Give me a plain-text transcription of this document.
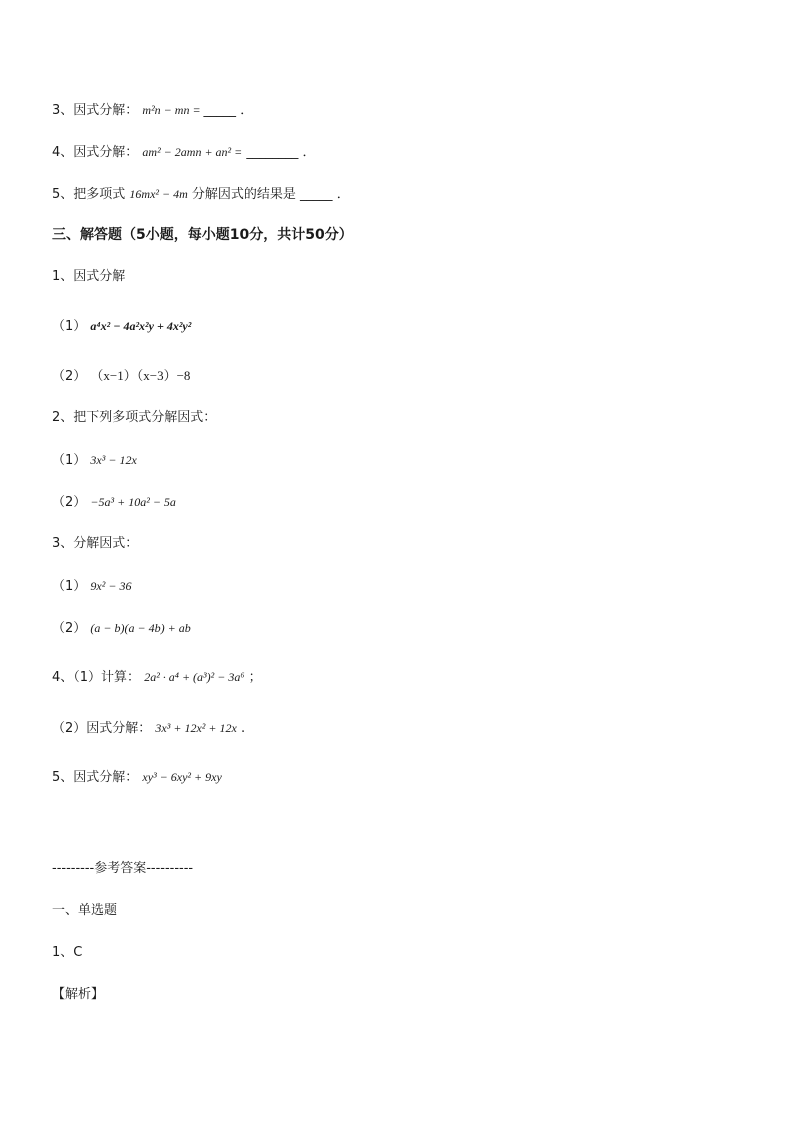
3、因式分解： m²n − mn = _____ ．
4、因式分解： am² − 2amn + an² = ________ ．
5、把多项式 16mx² − 4m 分解因式的结果是 _____ ．
三、解答题（5小题，每小题10分，共计50分）
1、因式分解
（1） a⁴x² − 4a²x²y + 4x²y²
（2） （x−1）（x−3）−8
2、把下列多项式分解因式：
（1） 3x³ − 12x
（2） −5a³ + 10a² − 5a
3、分解因式：
（1） 9x² − 36
（2） (a − b)(a − 4b) + ab
4、（1）计算： 2a² · a⁴ + (a³)² − 3a⁶ ；
（2）因式分解： 3x³ + 12x² + 12x .
5、因式分解： xy³ − 6xy² + 9xy
---------参考答案----------
一、单选题
1、C
【解析】
